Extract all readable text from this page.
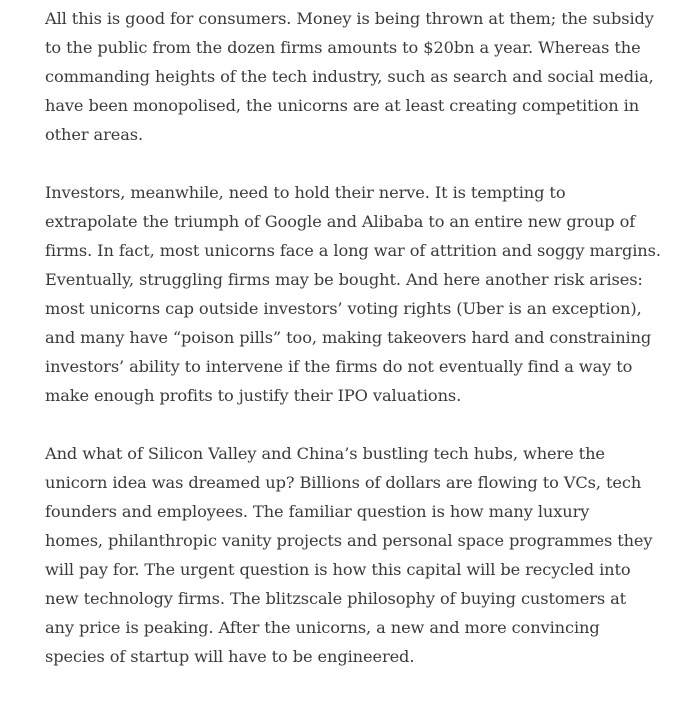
All this is good for consumers. Money is being thrown at them; the subsidy
to the public from the dozen firms amounts to $20bn a year. Whereas the
commanding heights of the tech industry, such as search and social media,
have been monopolised, the unicorns are at least creating competition in
other areas.

Investors, meanwhile, need to hold their nerve. It is tempting to
extrapolate the triumph of Google and Alibaba to an entire new group of
firms. In fact, most unicorns face a long war of attrition and soggy margins.
Eventually, struggling firms may be bought. And here another risk arises:
most unicorns cap outside investors’ voting rights (Uber is an exception),
and many have “poison pills” too, making takeovers hard and constraining
investors’ ability to intervene if the firms do not eventually find a way to
make enough profits to justify their IPO valuations.

And what of Silicon Valley and China’s bustling tech hubs, where the
unicorn idea was dreamed up? Billions of dollars are flowing to VCs, tech
founders and employees. The familiar question is how many luxury
homes, philanthropic vanity projects and personal space programmes they
will pay for. The urgent question is how this capital will be recycled into
new technology firms. The blitzscale philosophy of buying customers at
any price is peaking. After the unicorns, a new and more convincing
species of startup will have to be engineered.
